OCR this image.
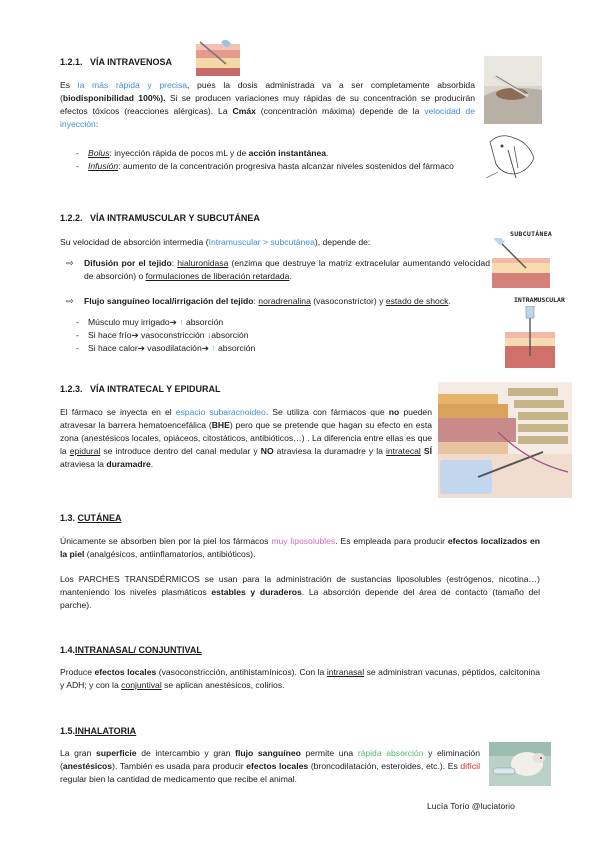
1.2.1. VÍA INTRAVENOSA
Es la más rápida y precisa, pues la dosis administrada va a ser completamente absorbida (biodisponibilidad 100%). Si se producen variaciones muy rápidas de su concentración se producirán efectos tóxicos (reacciones alérgicas). La Cmáx (concentración máxima) depende de la velocidad de inyección:
- Bolus: inyección rápida de pocos mL y de acción instantánea.
- Infusión: aumento de la concentración progresiva hasta alcanzar niveles sostenidos del fármaco
1.2.2. VÍA INTRAMUSCULAR Y SUBCUTÁNEA
Su velocidad de absorción intermedia (Intramuscular > subcutánea), depende de:
SUBCUTÁNEA
⇨ Difusión por el tejido: hialuronidasa (enzima que destruye la matriz extracelular aumentando velocidad de absorción) o formulaciones de liberación retardada.
⇨ Flujo sanguíneo local/irrigación del tejido: noradrenalina (vasoconstrictor) y estado de shock.	INTRAMUSCULAR
- Músculo muy irrigado➔ ↑ absorción
- Si hace frío➔ vasoconstricción ↓absorción
- Si hace calor➔ vasodilatación➔ ↑ absorción
1.2.3. VÍA INTRATECAL Y EPIDURAL
El fármaco se inyecta en el espacio subaracnoideo. Se utiliza con fármacos que no pueden atravesar la barrera hematoencefálica (BHE) pero que se pretende que hagan su efecto en esta zona (anestésicos locales, opiáceos, citostáticos, antibióticos…) . La diferencia entre ellas es que la epidural se introduce dentro del canal medular y NO atraviesa la duramadre y la intratecal SÍ atraviesa la duramadre.
1.3. CUTÁNEA
Únicamente se absorben bien por la piel los fármacos muy liposolubles. Es empleada para producir efectos localizados en la piel (analgésicos, antiinflamatorios, antibióticos).
Los PARCHES TRANSDÉRMICOS se usan para la administración de sustancias liposolubles (estrógenos, nicotina…) manteniendo los niveles plasmáticos estables y duraderos. La absorción depende del área de contacto (tamaño del parche).
1.4.INTRANASAL/ CONJUNTIVAL
Produce efectos locales (vasoconstricción, antihistamínicos). Con la intranasal se administran vacunas, péptidos, calcitonina y ADH; y con la conjuntival se aplican anestésicos, colirios.
1.5.INHALATORIA
La gran superficie de intercambio y gran flujo sanguíneo permite una rápida absorción y eliminación (anestésicos). También es usada para producir efectos locales (broncodilatación, esteroides, etc.). Es difícil regular bien la cantidad de medicamento que recibe el animal.
Lucía Torío @luciatorio
